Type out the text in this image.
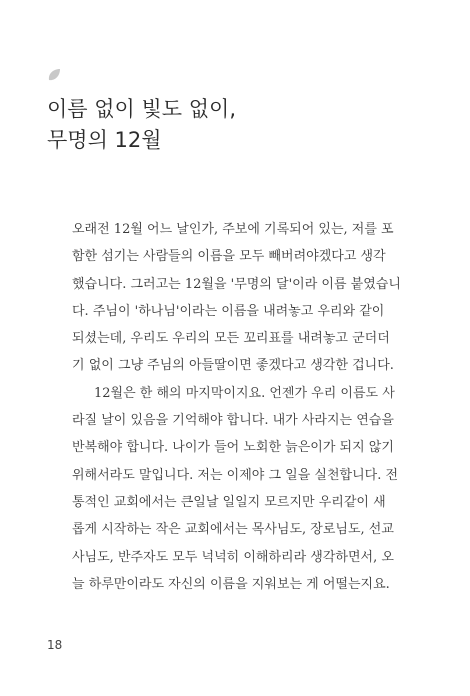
이름 없이 빛도 없이,
무명의 12월
오래전 12월 어느 날인가, 주보에 기록되어 있는, 저를 포
함한 섬기는 사람들의 이름을 모두 빼버려야겠다고 생각
했습니다. 그러고는 12월을 '무명의 달'이라 이름 붙였습니
다. 주님이 '하나님'이라는 이름을 내려놓고 우리와 같이
되셨는데, 우리도 우리의 모든 꼬리표를 내려놓고 군더더
기 없이 그냥 주님의 아들딸이면 좋겠다고 생각한 겁니다.
12월은 한 해의 마지막이지요. 언젠가 우리 이름도 사
라질 날이 있음을 기억해야 합니다. 내가 사라지는 연습을
반복해야 합니다. 나이가 들어 노회한 늙은이가 되지 않기
위해서라도 말입니다. 저는 이제야 그 일을 실천합니다. 전
통적인 교회에서는 큰일날 일일지 모르지만 우리같이 새
롭게 시작하는 작은 교회에서는 목사님도, 장로님도, 선교
사님도, 반주자도 모두 넉넉히 이해하리라 생각하면서, 오
늘 하루만이라도 자신의 이름을 지워보는 게 어떨는지요.
18
